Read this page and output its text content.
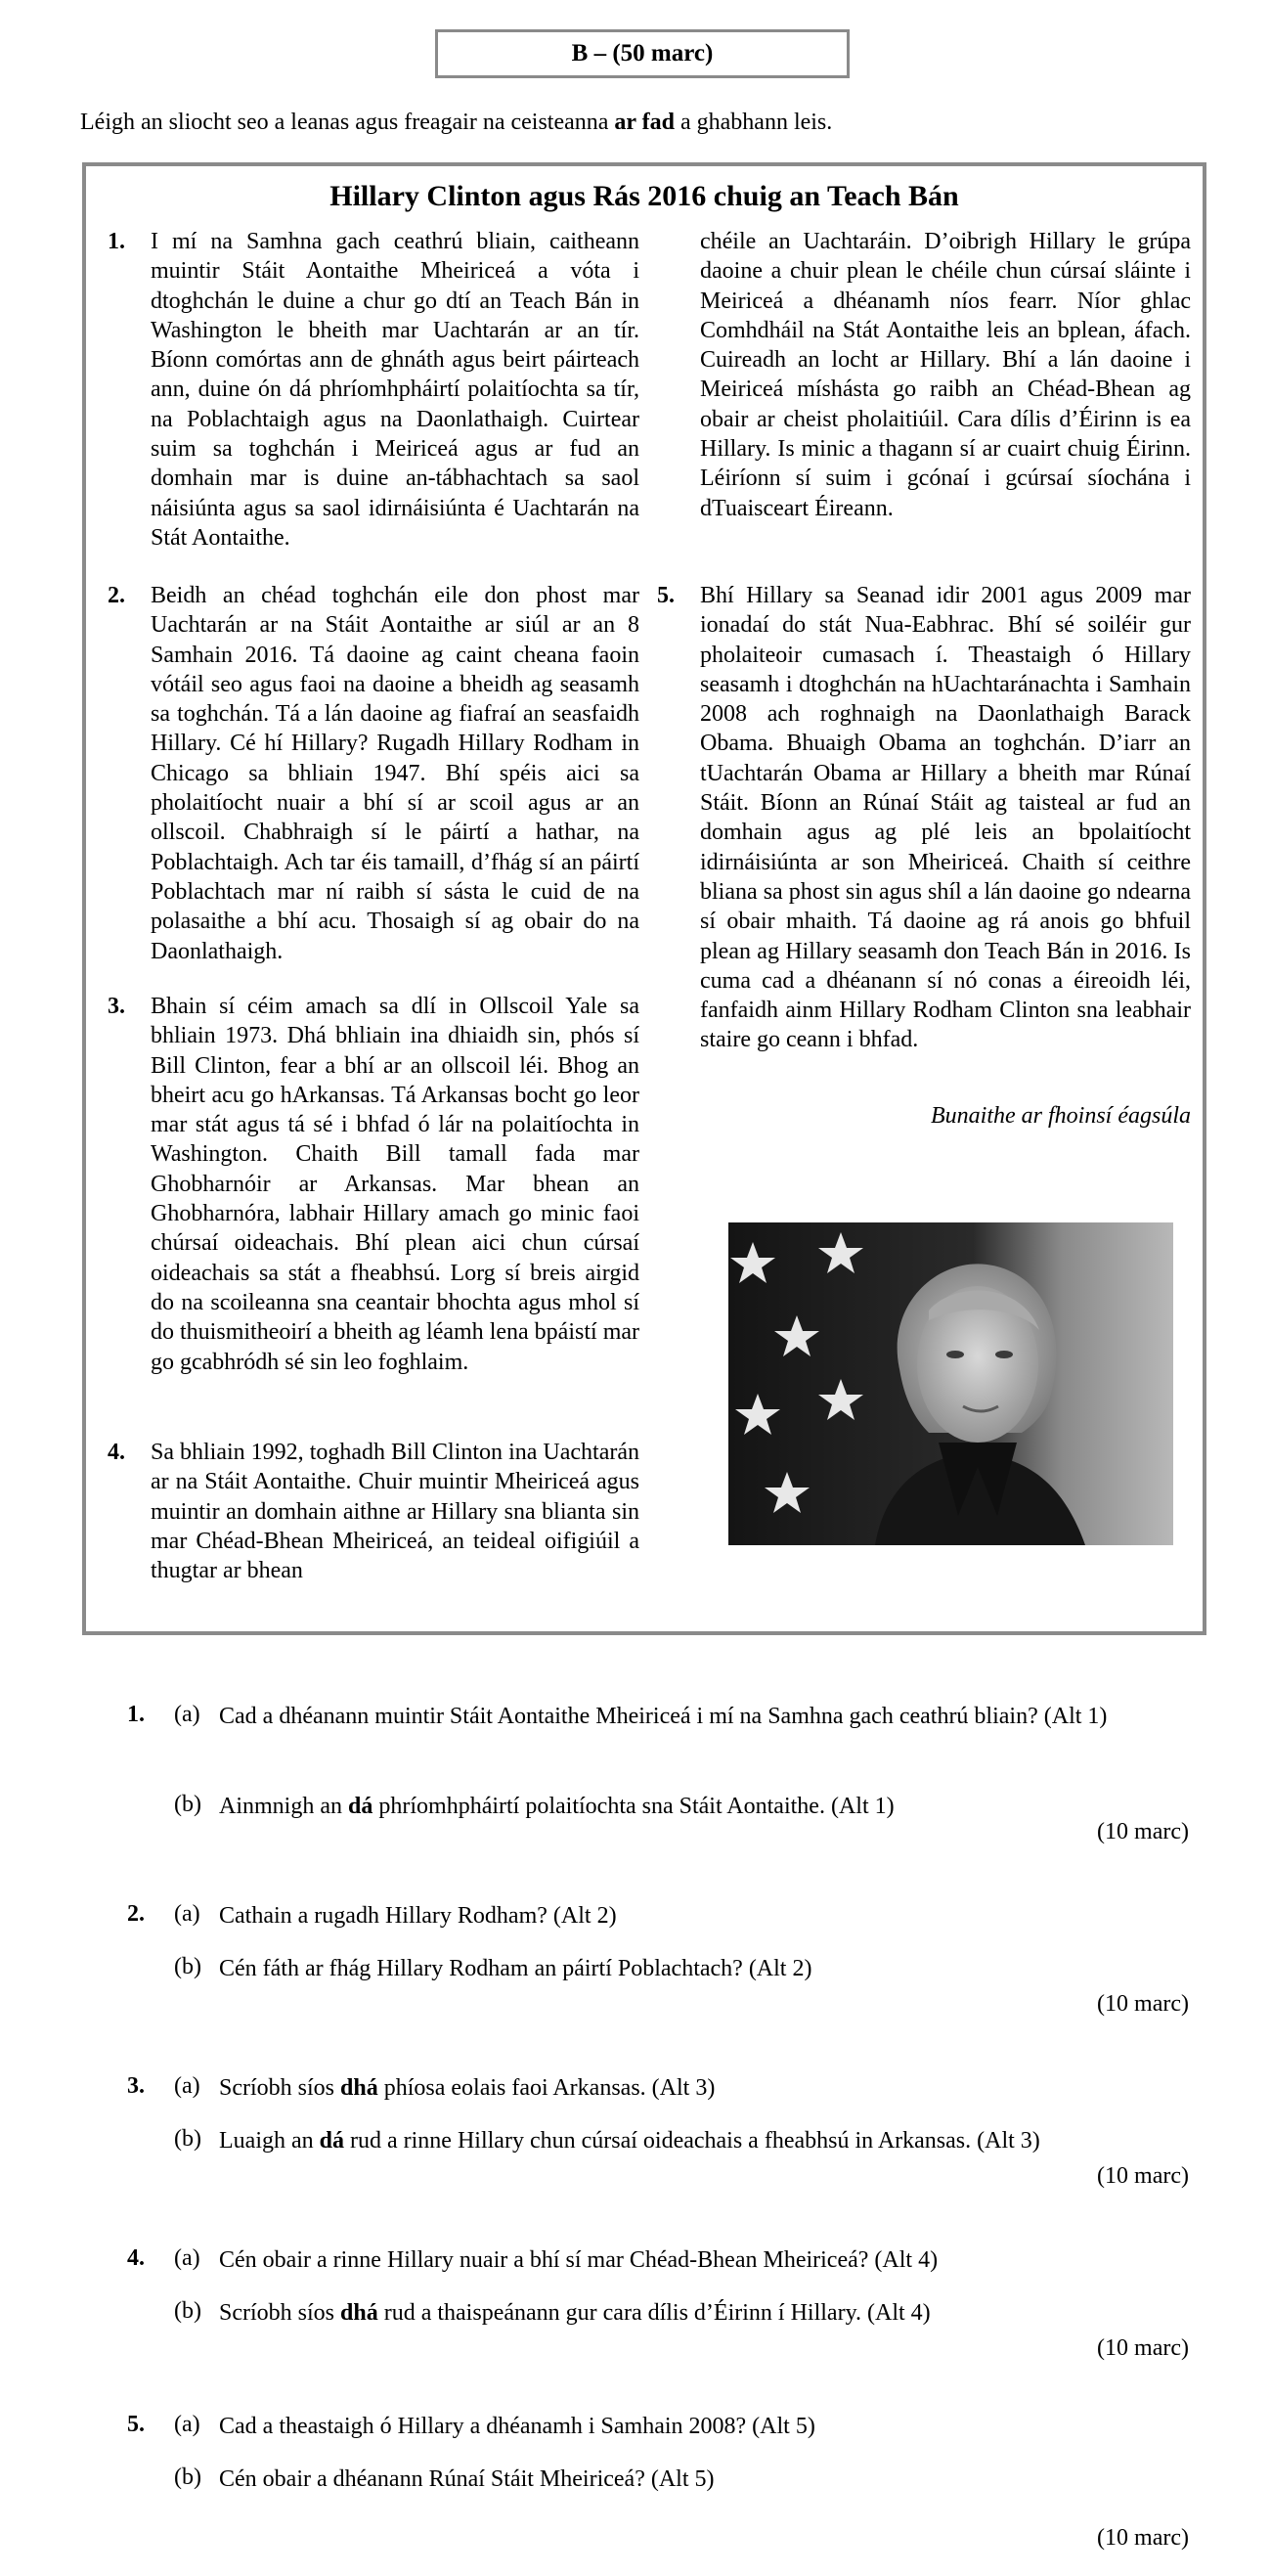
B – (50 marc)
Léigh an sliocht seo a leanas agus freagair na ceisteanna ar fad a ghabhann leis.
Hillary Clinton agus Rás 2016 chuig an Teach Bán
1. I mí na Samhna gach ceathrú bliain, caitheann muintir Stáit Aontaithe Mheiriceá a vóta i dtoghchán le duine a chur go dtí an Teach Bán in Washington le bheith mar Uachtarán ar an tír. Bíonn comórtas ann de ghnáth agus beirt páirteach ann, duine ón dá phríomhpháirtí polaitíochta sa tír, na Poblachtaigh agus na Daonlathaigh. Cuirtear suim sa toghchán i Meiriceá agus ar fud an domhain mar is duine an-tábhachtach sa saol náisiúnta agus sa saol idirnáisiúnta é Uachtarán na Stát Aontaithe.
2. Beidh an chéad toghchán eile don phost mar Uachtarán ar na Stáit Aontaithe ar siúl ar an 8 Samhain 2016. Tá daoine ag caint cheana faoin vótáil seo agus faoi na daoine a bheidh ag seasamh sa toghchán. Tá a lán daoine ag fiafraí an seasfaidh Hillary. Cé hí Hillary? Rugadh Hillary Rodham in Chicago sa bhliain 1947. Bhí spéis aici sa pholaitíocht nuair a bhí sí ar scoil agus ar an ollscoil. Chabhraigh sí le páirtí a hathar, na Poblachtaigh. Ach tar éis tamaill, d’fhág sí an páirtí Poblachtach mar ní raibh sí sásta le cuid de na polasaithe a bhí acu. Thosaigh sí ag obair do na Daonlathaigh.
3. Bhain sí céim amach sa dlí in Ollscoil Yale sa bhliain 1973. Dhá bhliain ina dhiaidh sin, phós sí Bill Clinton, fear a bhí ar an ollscoil léi. Bhog an bheirt acu go hArkansas. Tá Arkansas bocht go leor mar stát agus tá sé i bhfad ó lár na polaitíochta in Washington. Chaith Bill tamall fada mar Ghobharnóir ar Arkansas. Mar bhean an Ghobharnóra, labhair Hillary amach go minic faoi chúrsaí oideachais. Bhí plean aici chun cúrsaí oideachais sa stát a fheabhsú. Lorg sí breis airgid do na scoileanna sna ceantair bhochta agus mhol sí do thuismitheoirí a bheith ag léamh lena bpáistí mar go gcabhródh sé sin leo foghlaim.
4. Sa bhliain 1992, toghadh Bill Clinton ina Uachtarán ar na Stáit Aontaithe. Chuir muintir Mheiriceá agus muintir an domhain aithne ar Hillary sna blianta sin mar Chéad-Bhean Mheiriceá, an teideal oifigiúil a thugtar ar bhean
chéile an Uachtaráin. D’oibrigh Hillary le grúpa daoine a chuir plean le chéile chun cúrsaí sláinte i Meiriceá a dhéanamh níos fearr. Níor ghlac Comhdháil na Stát Aontaithe leis an bplean, áfach. Cuireadh an locht ar Hillary. Bhí a lán daoine i Meiriceá míshásta go raibh an Chéad-Bhean ag obair ar cheist pholaitiúil. Cara dílis d’Éirinn is ea Hillary. Is minic a thagann sí ar cuairt chuig Éirinn. Léiríonn sí suim i gcónaí i gcúrsaí síochána i dTuaisceart Éireann.
5. Bhí Hillary sa Seanad idir 2001 agus 2009 mar ionadaí do stát Nua-Eabhrac. Bhí sé soiléir gur pholaiteoir cumasach í. Theastaigh ó Hillary seasamh i dtoghchán na hUachtaránachta i Samhain 2008 ach roghnaigh na Daonlathaigh Barack Obama. Bhuaigh Obama an toghchán. D’iarr an tUachtarán Obama ar Hillary a bheith mar Rúnaí Stáit. Bíonn an Rúnaí Stáit ag taisteal ar fud an domhain agus ag plé leis an bpolaitíocht idirnáisiúnta ar son Mheiriceá. Chaith sí ceithre bliana sa phost sin agus shíl a lán daoine go ndearna sí obair mhaith. Tá daoine ag rá anois go bhfuil plean ag Hillary seasamh don Teach Bán in 2016. Is cuma cad a dhéanann sí nó conas a éireoidh léi, fanfaidh ainm Hillary Rodham Clinton sna leabhair staire go ceann i bhfad.
Bunaithe ar fhoinsí éagsúla
1. (a) Cad a dhéanann muintir Stáit Aontaithe Mheiriceá i mí na Samhna gach ceathrú bliain? (Alt 1)
(b) Ainmnigh an dá phríomhpháirtí polaitíochta sna Stáit Aontaithe. (Alt 1)
(10 marc)
2. (a) Cathain a rugadh Hillary Rodham? (Alt 2)
(b) Cén fáth ar fhág Hillary Rodham an páirtí Poblachtach? (Alt 2)
(10 marc)
3. (a) Scríobh síos dhá phíosa eolais faoi Arkansas. (Alt 3)
(b) Luaigh an dá rud a rinne Hillary chun cúrsaí oideachais a fheabhsú in Arkansas. (Alt 3)
(10 marc)
4. (a) Cén obair a rinne Hillary nuair a bhí sí mar Chéad-Bhean Mheiriceá? (Alt 4)
(b) Scríobh síos dhá rud a thaispeánann gur cara dílis d’Éirinn í Hillary. (Alt 4)
(10 marc)
5. (a) Cad a theastaigh ó Hillary a dhéanamh i Samhain 2008? (Alt 5)
(b) Cén obair a dhéanann Rúnaí Stáit Mheiriceá? (Alt 5)
(10 marc)
